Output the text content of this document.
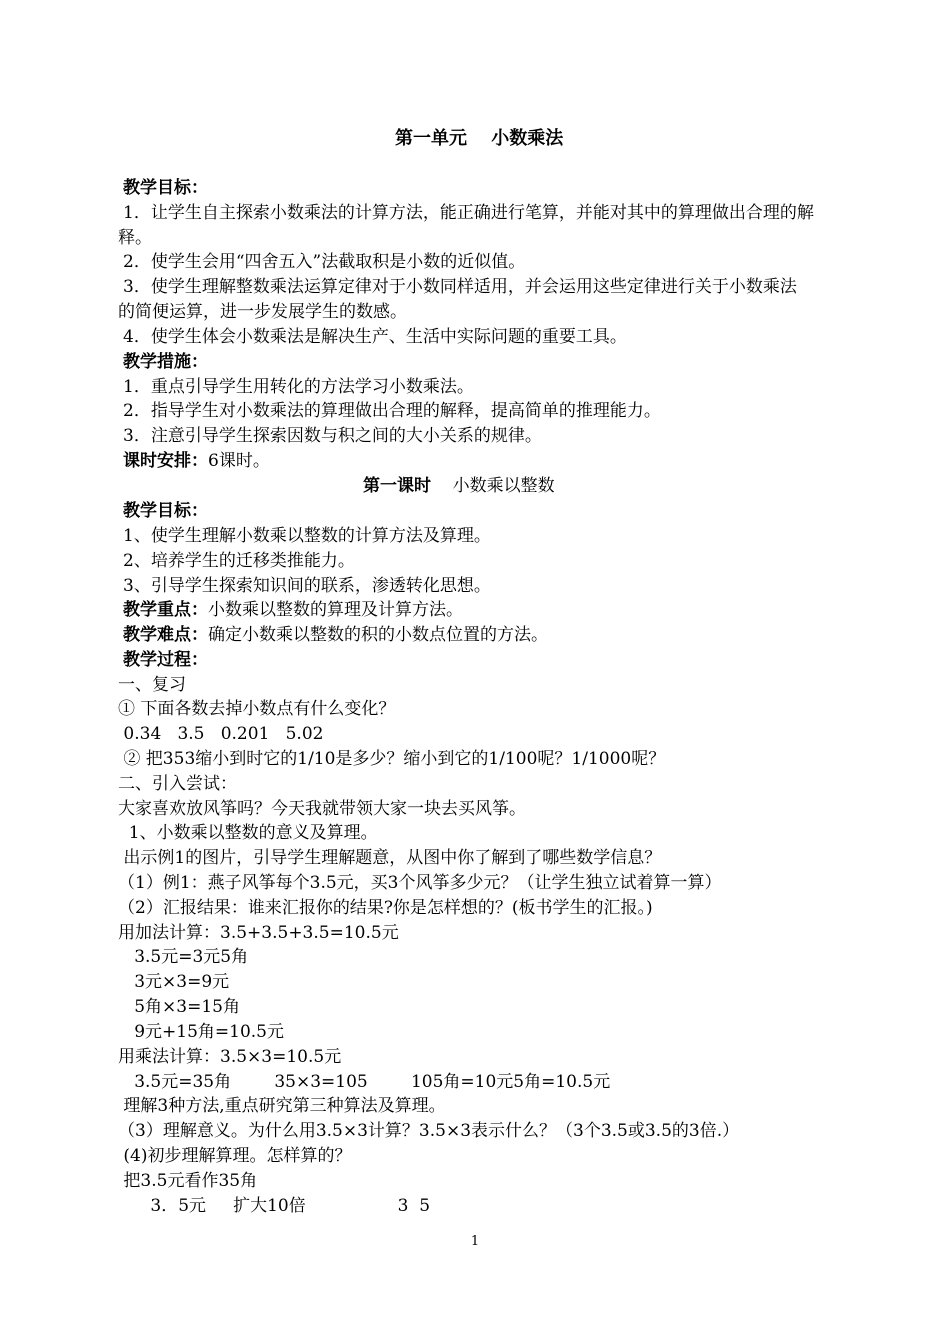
第一单元　 小数乘法
教学目标：
1．让学生自主探索小数乘法的计算方法，能正确进行笔算，并能对其中的算理做出合理的解
释。
2．使学生会用“四舍五入”法截取积是小数的近似值。
3．使学生理解整数乘法运算定律对于小数同样适用，并会运用这些定律进行关于小数乘法
的简便运算，进一步发展学生的数感。
4．使学生体会小数乘法是解决生产、生活中实际问题的重要工具。
教学措施：
1．重点引导学生用转化的方法学习小数乘法。
2．指导学生对小数乘法的算理做出合理的解释，提高简单的推理能力。
3．注意引导学生探索因数与积之间的大小关系的规律。
课时安排：6课时。
第一课时 小数乘以整数
教学目标：
1、使学生理解小数乘以整数的计算方法及算理。
2、培养学生的迁移类推能力。
3、引导学生探索知识间的联系，渗透转化思想。
教学重点：小数乘以整数的算理及计算方法。
教学难点：确定小数乘以整数的积的小数点位置的方法。
教学过程：
一、复习
① 下面各数去掉小数点有什么变化？
0.34   3.5   0.201   5.02
② 把353缩小到时它的1/10是多少？缩小到它的1/100呢？1/1000呢？
二、引入尝试：
大家喜欢放风筝吗？今天我就带领大家一块去买风筝。
1、小数乘以整数的意义及算理。
出示例1的图片，引导学生理解题意，从图中你了解到了哪些数学信息？
（1）例1：燕子风筝每个3.5元，买3个风筝多少元？（让学生独立试着算一算）
（2）汇报结果：谁来汇报你的结果?你是怎样想的？(板书学生的汇报。)
用加法计算：3.5+3.5+3.5=10.5元
3.5元=3元5角
3元×3=9元
5角×3=15角
9元+15角=10.5元
用乘法计算：3.5×3=10.5元
3.5元=35角        35×3=105        105角=10元5角=10.5元
理解3种方法,重点研究第三种算法及算理。
（3）理解意义。为什么用3.5×3计算？3.5×3表示什么？（3个3.5或3.5的3倍.）
(4)初步理解算理。怎样算的？
把3.5元看作35角
3．5元     扩大10倍                 3  5
1
